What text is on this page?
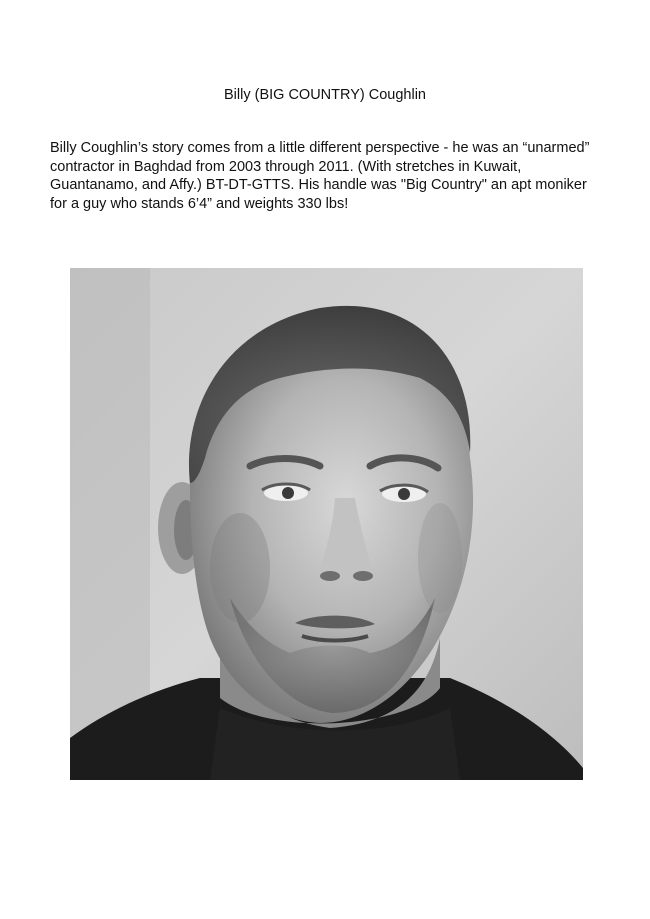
Billy (BIG COUNTRY) Coughlin
Billy Coughlin’s story comes from a little different perspective - he was an “unarmed”
contractor in Baghdad from 2003 through 2011. (With stretches in Kuwait,
Guantanamo, and Affy.) BT-DT-GTTS. His handle was "Big Country" an apt moniker
for a guy who stands 6’4” and weights 330 lbs!
